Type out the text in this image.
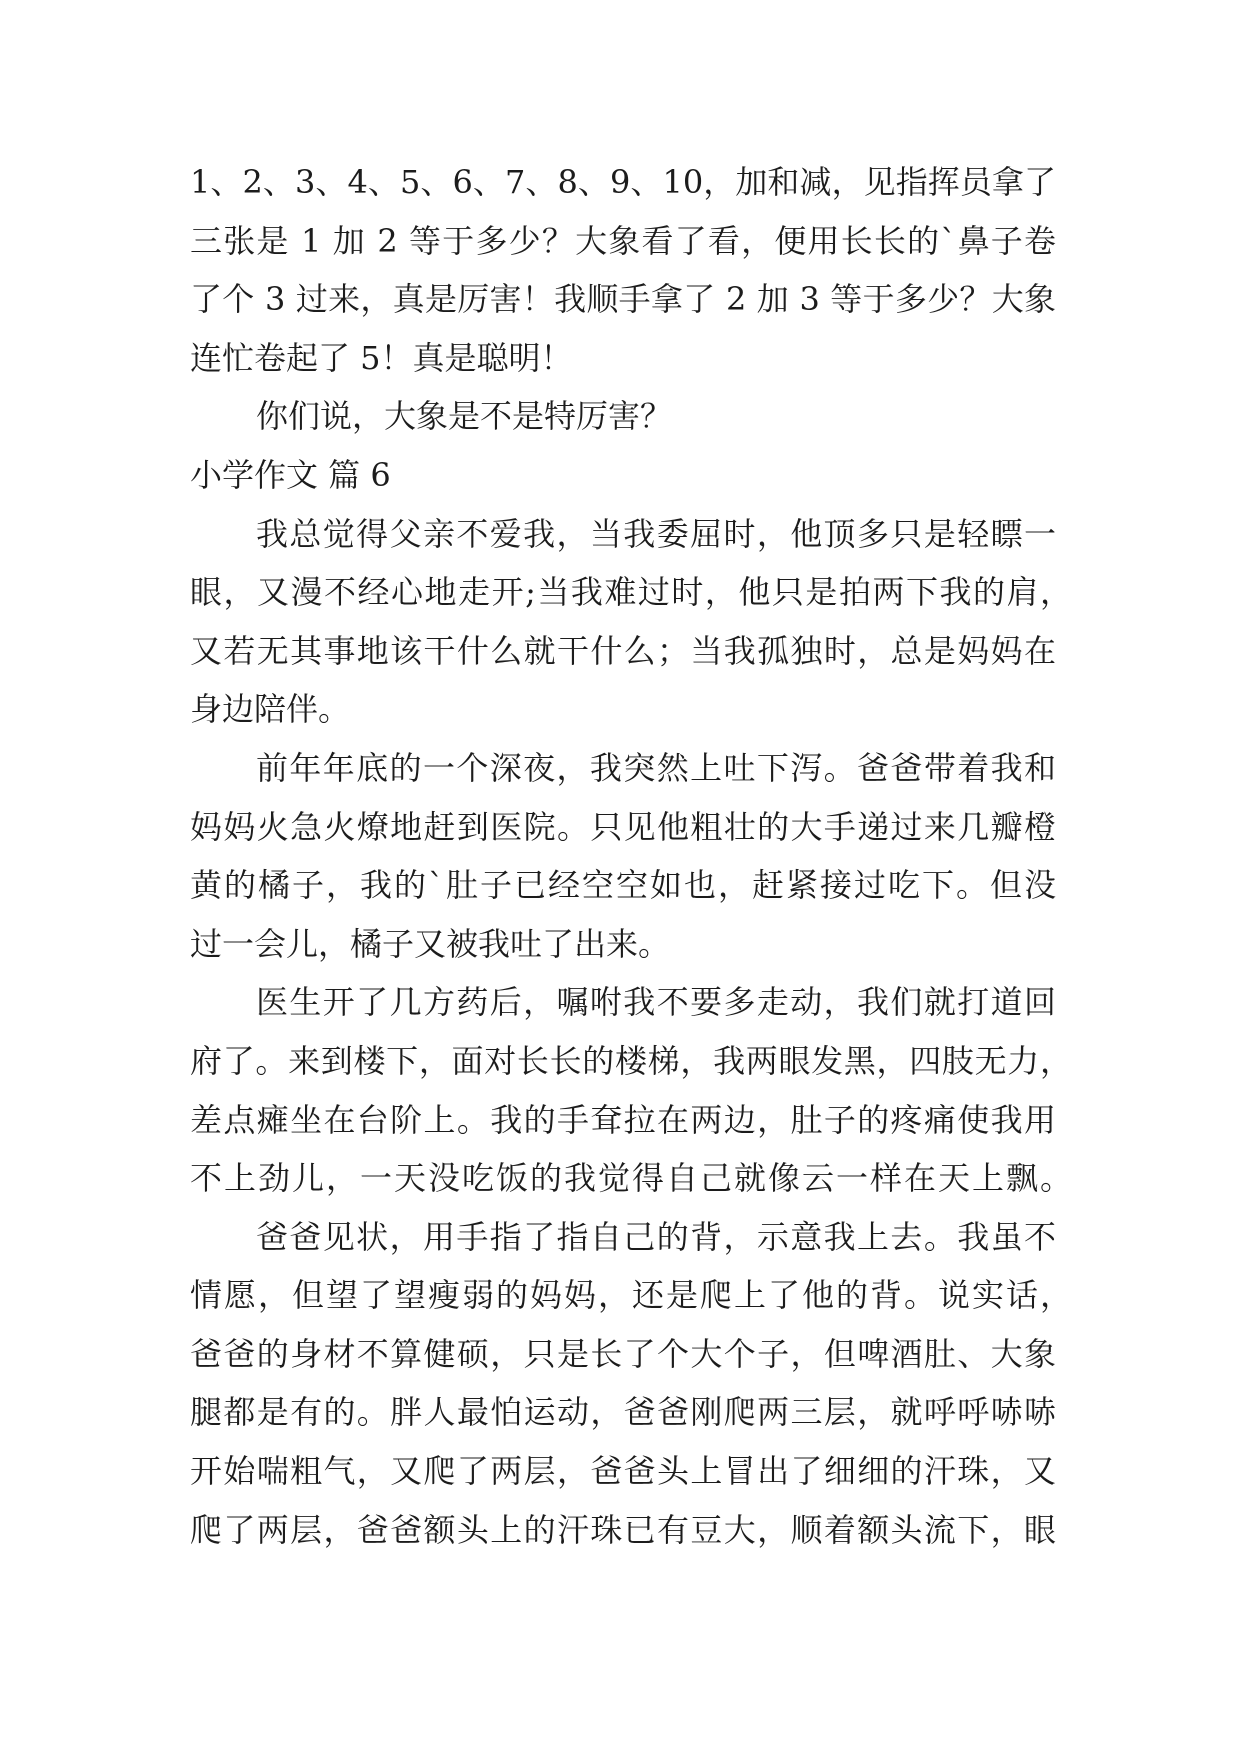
1、2、3、4、5、6、7、8、9、10，加和减，见指挥员拿了
三张是 1 加 2 等于多少？大象看了看，便用长长的`鼻子卷
了个 3 过来，真是厉害！我顺手拿了 2 加 3 等于多少？大象
连忙卷起了 5！真是聪明！
你们说，大象是不是特厉害？
小学作文 篇 6
我总觉得父亲不爱我，当我委屈时，他顶多只是轻瞟一
眼，又漫不经心地走开;当我难过时，他只是拍两下我的肩，
又若无其事地该干什么就干什么；当我孤独时，总是妈妈在
身边陪伴。
前年年底的一个深夜，我突然上吐下泻。爸爸带着我和
妈妈火急火燎地赶到医院。只见他粗壮的大手递过来几瓣橙
黄的橘子，我的`肚子已经空空如也，赶紧接过吃下。但没
过一会儿，橘子又被我吐了出来。
医生开了几方药后，嘱咐我不要多走动，我们就打道回
府了。来到楼下，面对长长的楼梯，我两眼发黑，四肢无力，
差点瘫坐在台阶上。我的手耷拉在两边，肚子的疼痛使我用
不上劲儿，一天没吃饭的我觉得自己就像云一样在天上飘。
爸爸见状，用手指了指自己的背，示意我上去。我虽不
情愿，但望了望瘦弱的妈妈，还是爬上了他的背。说实话，
爸爸的身材不算健硕，只是长了个大个子，但啤酒肚、大象
腿都是有的。胖人最怕运动，爸爸刚爬两三层，就呼呼哧哧
开始喘粗气，又爬了两层，爸爸头上冒出了细细的汗珠，又
爬了两层，爸爸额头上的汗珠已有豆大，顺着额头流下，眼
